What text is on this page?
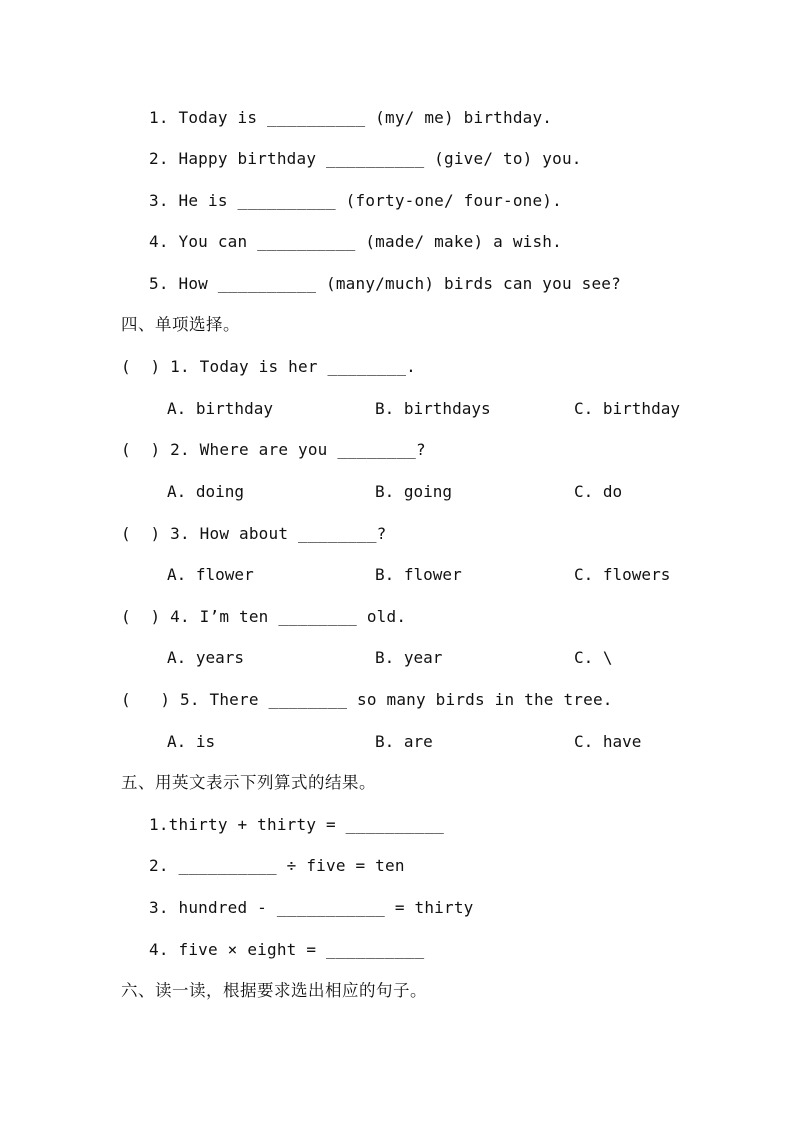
1. Today is __________ (my/ me) birthday.
2. Happy birthday __________ (give/ to) you.
3. He is __________ (forty-one/ four-one).
4. You can __________ (made/ make) a wish.
5. How __________ (many/much) birds can you see?
四、单项选择。
(  ) 1. Today is her ________.
A. birthday	B. birthdays	C. birthday
(  ) 2. Where are you ________?
A. doing	B. going	C. do
(  ) 3. How about ________?
A. flower	B. flower	C. flowers
(  ) 4. I’m ten ________ old.
A. years	B. year	C. \
(   ) 5. There ________ so many birds in the tree.
A. is	B. are	C. have
五、用英文表示下列算式的结果。
1.thirty + thirty = __________
2. __________ ÷ five = ten
3. hundred - ___________ = thirty
4. five × eight = __________
六、读一读，根据要求选出相应的句子。
